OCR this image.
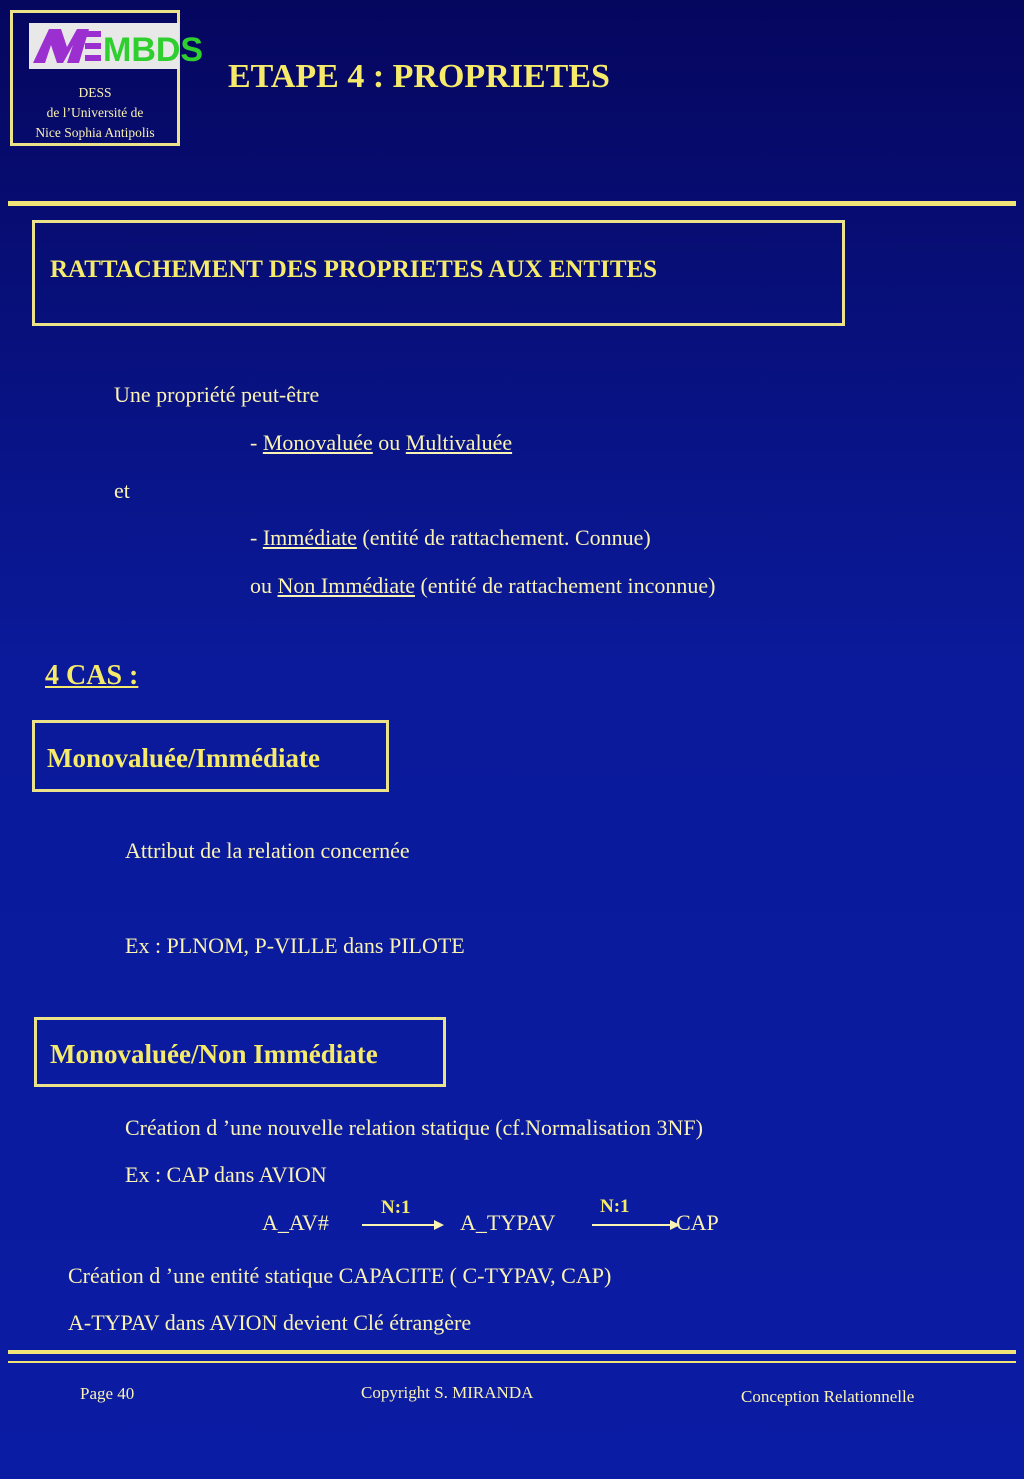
MBDS
DESS
de l’Université de
Nice Sophia Antipolis
ETAPE 4 : PROPRIETES
RATTACHEMENT DES PROPRIETES AUX ENTITES
Une propriété peut-être
- Monovaluée ou Multivaluée
et
- Immédiate (entité de rattachement. Connue)
ou Non Immédiate (entité de rattachement inconnue)
4 CAS :
Monovaluée/Immédiate
Attribut de la relation concernée
Ex : PLNOM, P-VILLE dans PILOTE
Monovaluée/Non Immédiate
Création d ’une nouvelle relation statique (cf.Normalisation 3NF)
Ex : CAP dans AVION
A_AV#
N:1
A_TYPAV
N:1
CAP
Création d ’une entité statique CAPACITE ( C-TYPAV, CAP)
A-TYPAV dans AVION devient Clé étrangère
Page 40	Copyright S. MIRANDA	Conception Relationnelle
